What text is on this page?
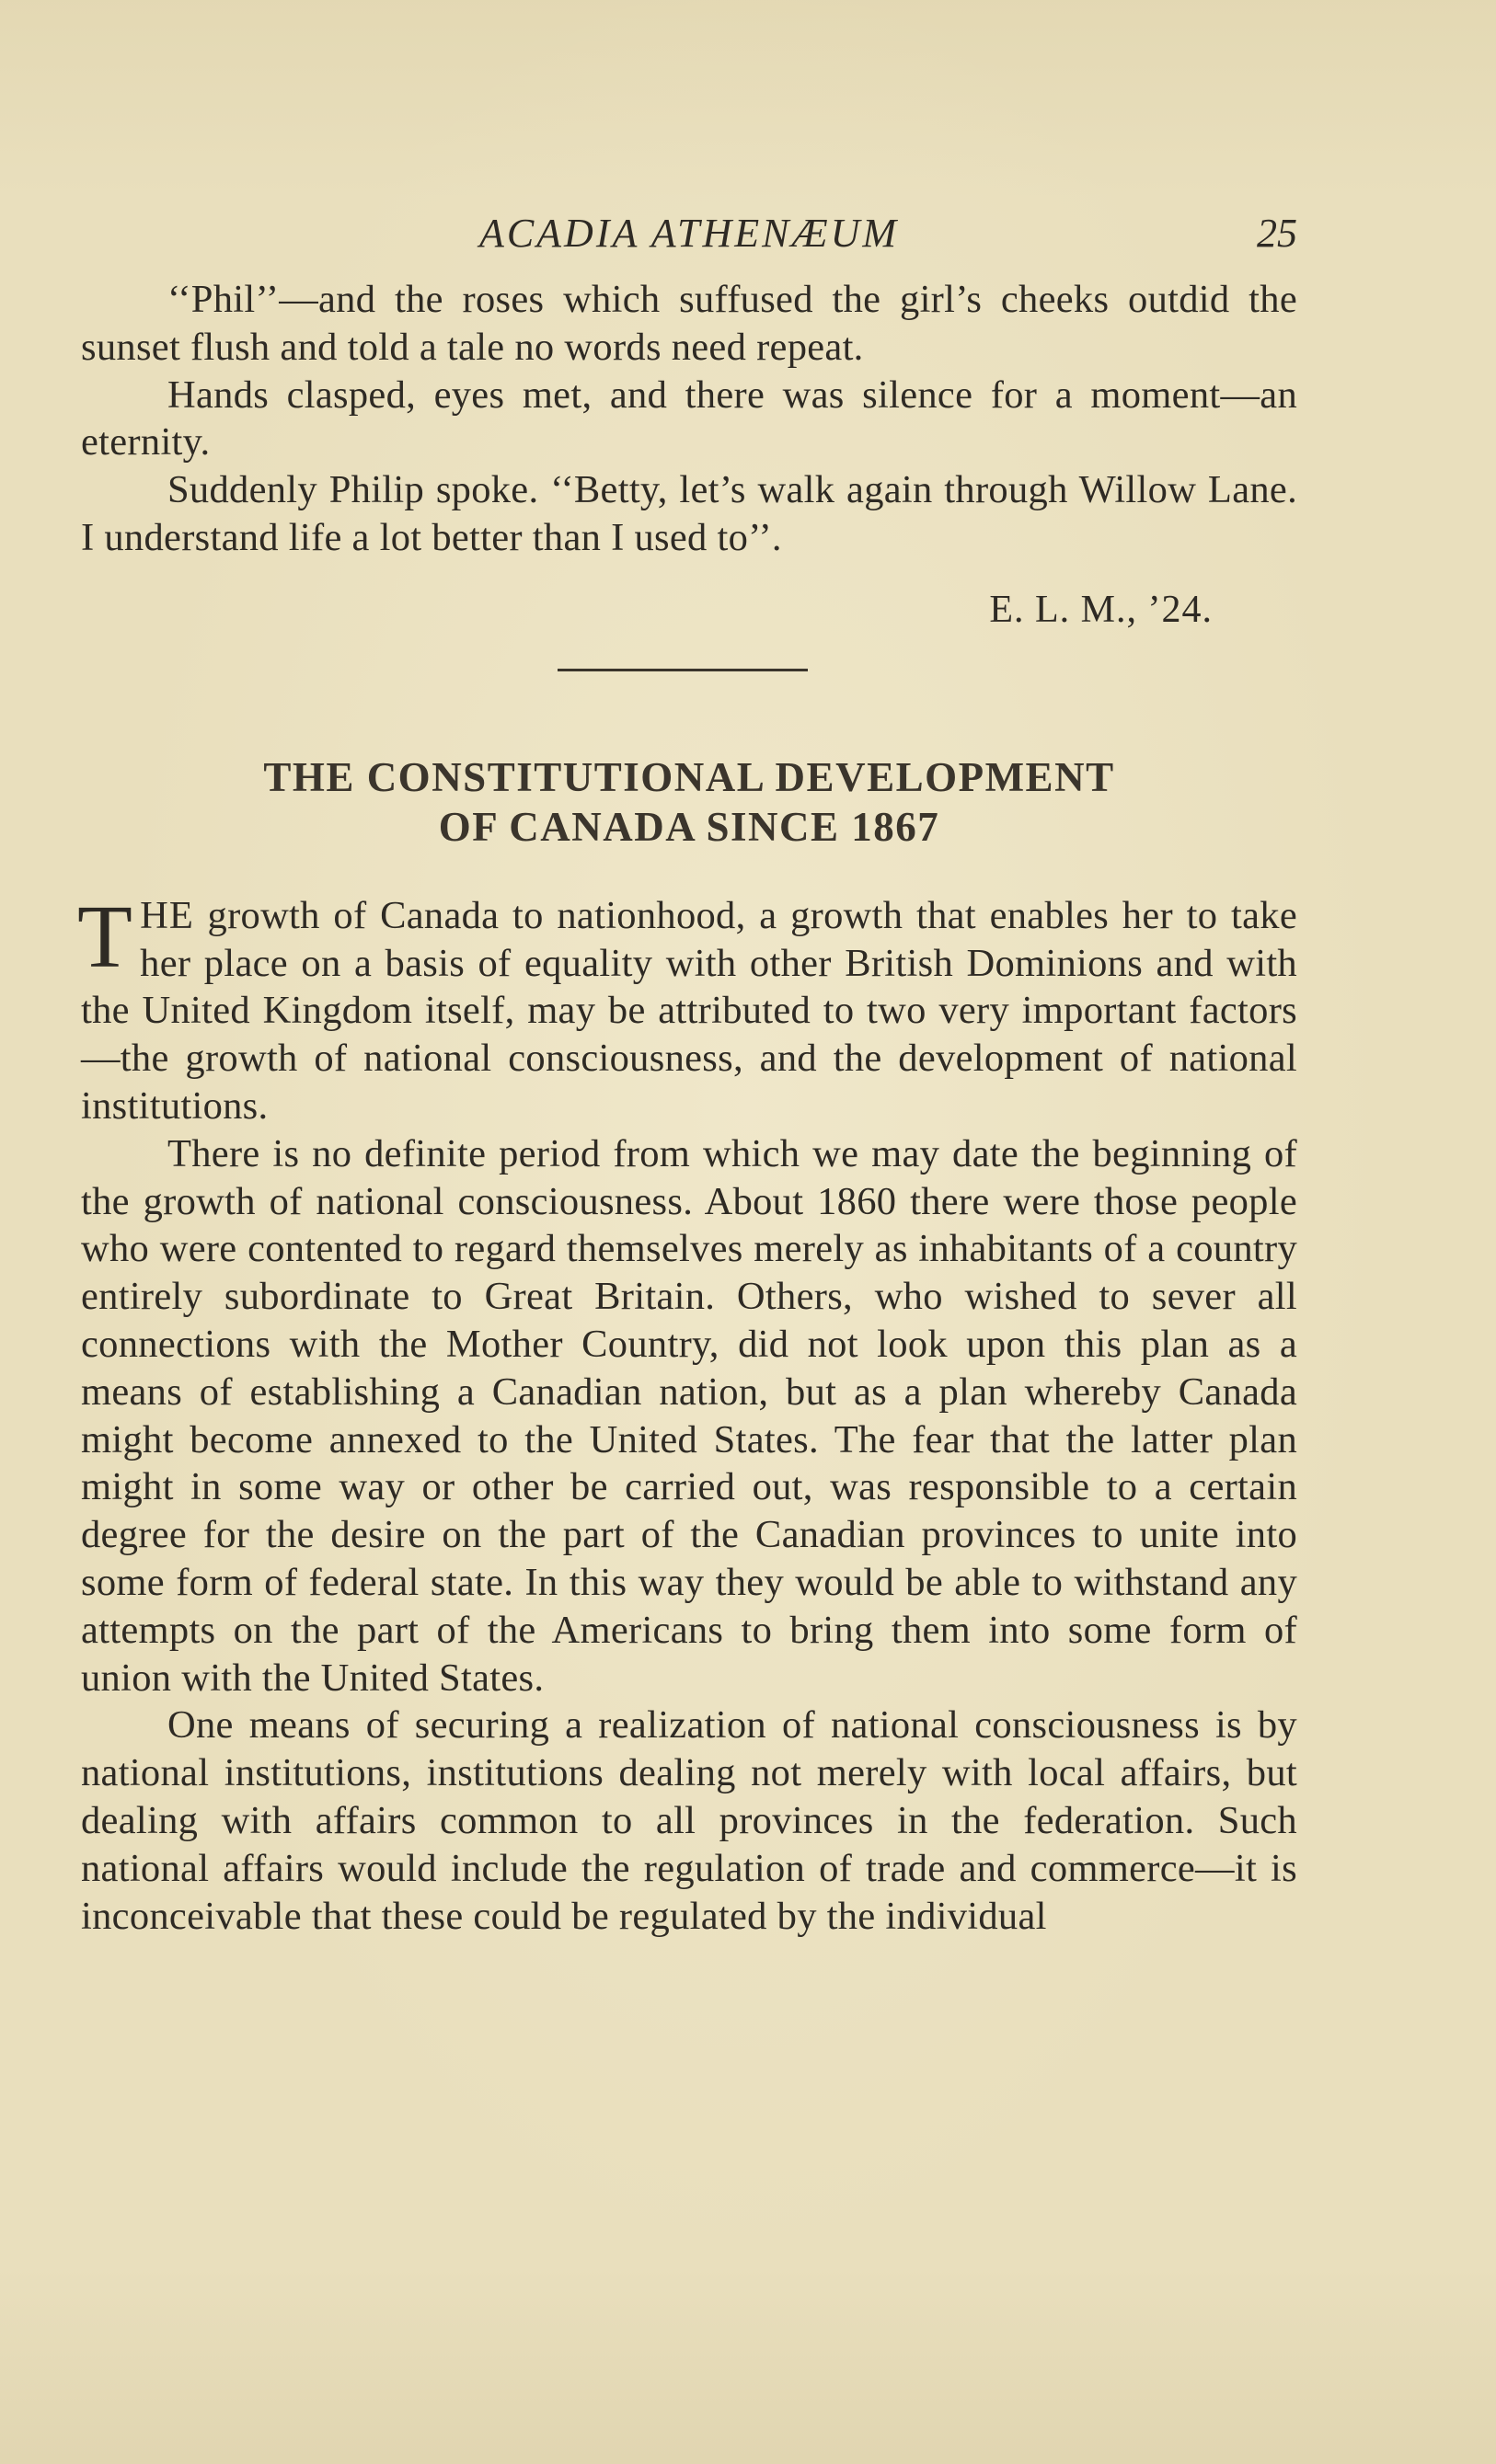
ACADIA ATHENÆUM	25

‘‘Phil’’—and the roses which suffused the girl’s cheeks outdid the sunset flush and told a tale no words need repeat.

Hands clasped, eyes met, and there was silence for a moment—an eternity.

Suddenly Philip spoke. ‘‘Betty, let’s walk again through Willow Lane. I understand life a lot better than I used to’’.

E. L. M., ’24.
THE CONSTITUTIONAL DEVELOPMENT
OF CANADA SINCE 1867

THE growth of Canada to nationhood, a growth that enables her to take her place on a basis of equality with other British Dominions and with the United Kingdom itself, may be attributed to two very important factors—the growth of national consciousness, and the development of national institutions.

There is no definite period from which we may date the beginning of the growth of national consciousness. About 1860 there were those people who were contented to regard themselves merely as inhabitants of a country entirely subordinate to Great Britain. Others, who wished to sever all connections with the Mother Country, did not look upon this plan as a means of establishing a Canadian nation, but as a plan whereby Canada might become annexed to the United States. The fear that the latter plan might in some way or other be carried out, was responsible to a certain degree for the desire on the part of the Canadian provinces to unite into some form of federal state. In this way they would be able to withstand any attempts on the part of the Americans to bring them into some form of union with the United States.

One means of securing a realization of national consciousness is by national institutions, institutions dealing not merely with local affairs, but dealing with affairs common to all provinces in the federation. Such national affairs would include the regulation of trade and commerce—it is inconceivable that these could be regulated by the individual
